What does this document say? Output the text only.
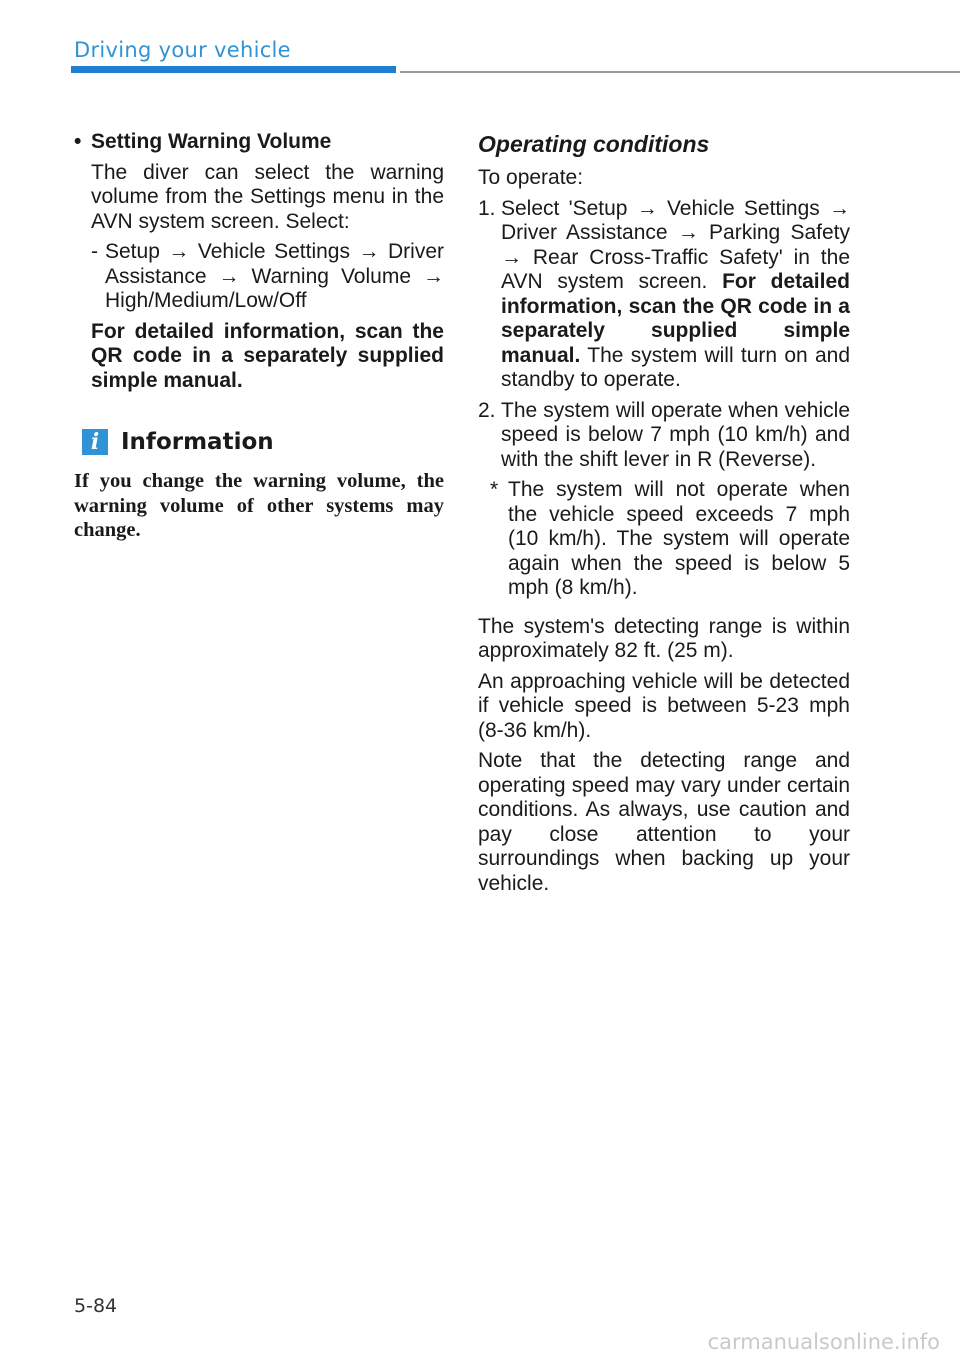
Driving your vehicle
• Setting Warning Volume

The diver can select the warning volume from the Settings menu in the AVN system screen. Select:

- Setup → Vehicle Settings → Driver Assistance → Warning Volume → High/Medium/Low/Off

For detailed information, scan the QR code in a separately supplied simple manual.

i Information
If you change the warning volume, the warning volume of other systems may change.
Operating conditions

To operate:

1. Select 'Setup → Vehicle Settings → Driver Assistance → Parking Safety → Rear Cross-Traffic Safety' in the AVN system screen. For detailed information, scan the QR code in a separately supplied simple manual. The system will turn on and standby to operate.

2. The system will operate when vehicle speed is below 7 mph (10 km/h) and with the shift lever in R (Reverse).

* The system will not operate when the vehicle speed exceeds 7 mph (10 km/h). The system will operate again when the speed is below 5 mph (8 km/h).

The system's detecting range is within approximately 82 ft. (25 m).

An approaching vehicle will be detected if vehicle speed is between 5-23 mph (8-36 km/h).

Note that the detecting range and operating speed may vary under certain conditions. As always, use caution and pay close attention to your surroundings when backing up your vehicle.

5-84
carmanualsonline.info
